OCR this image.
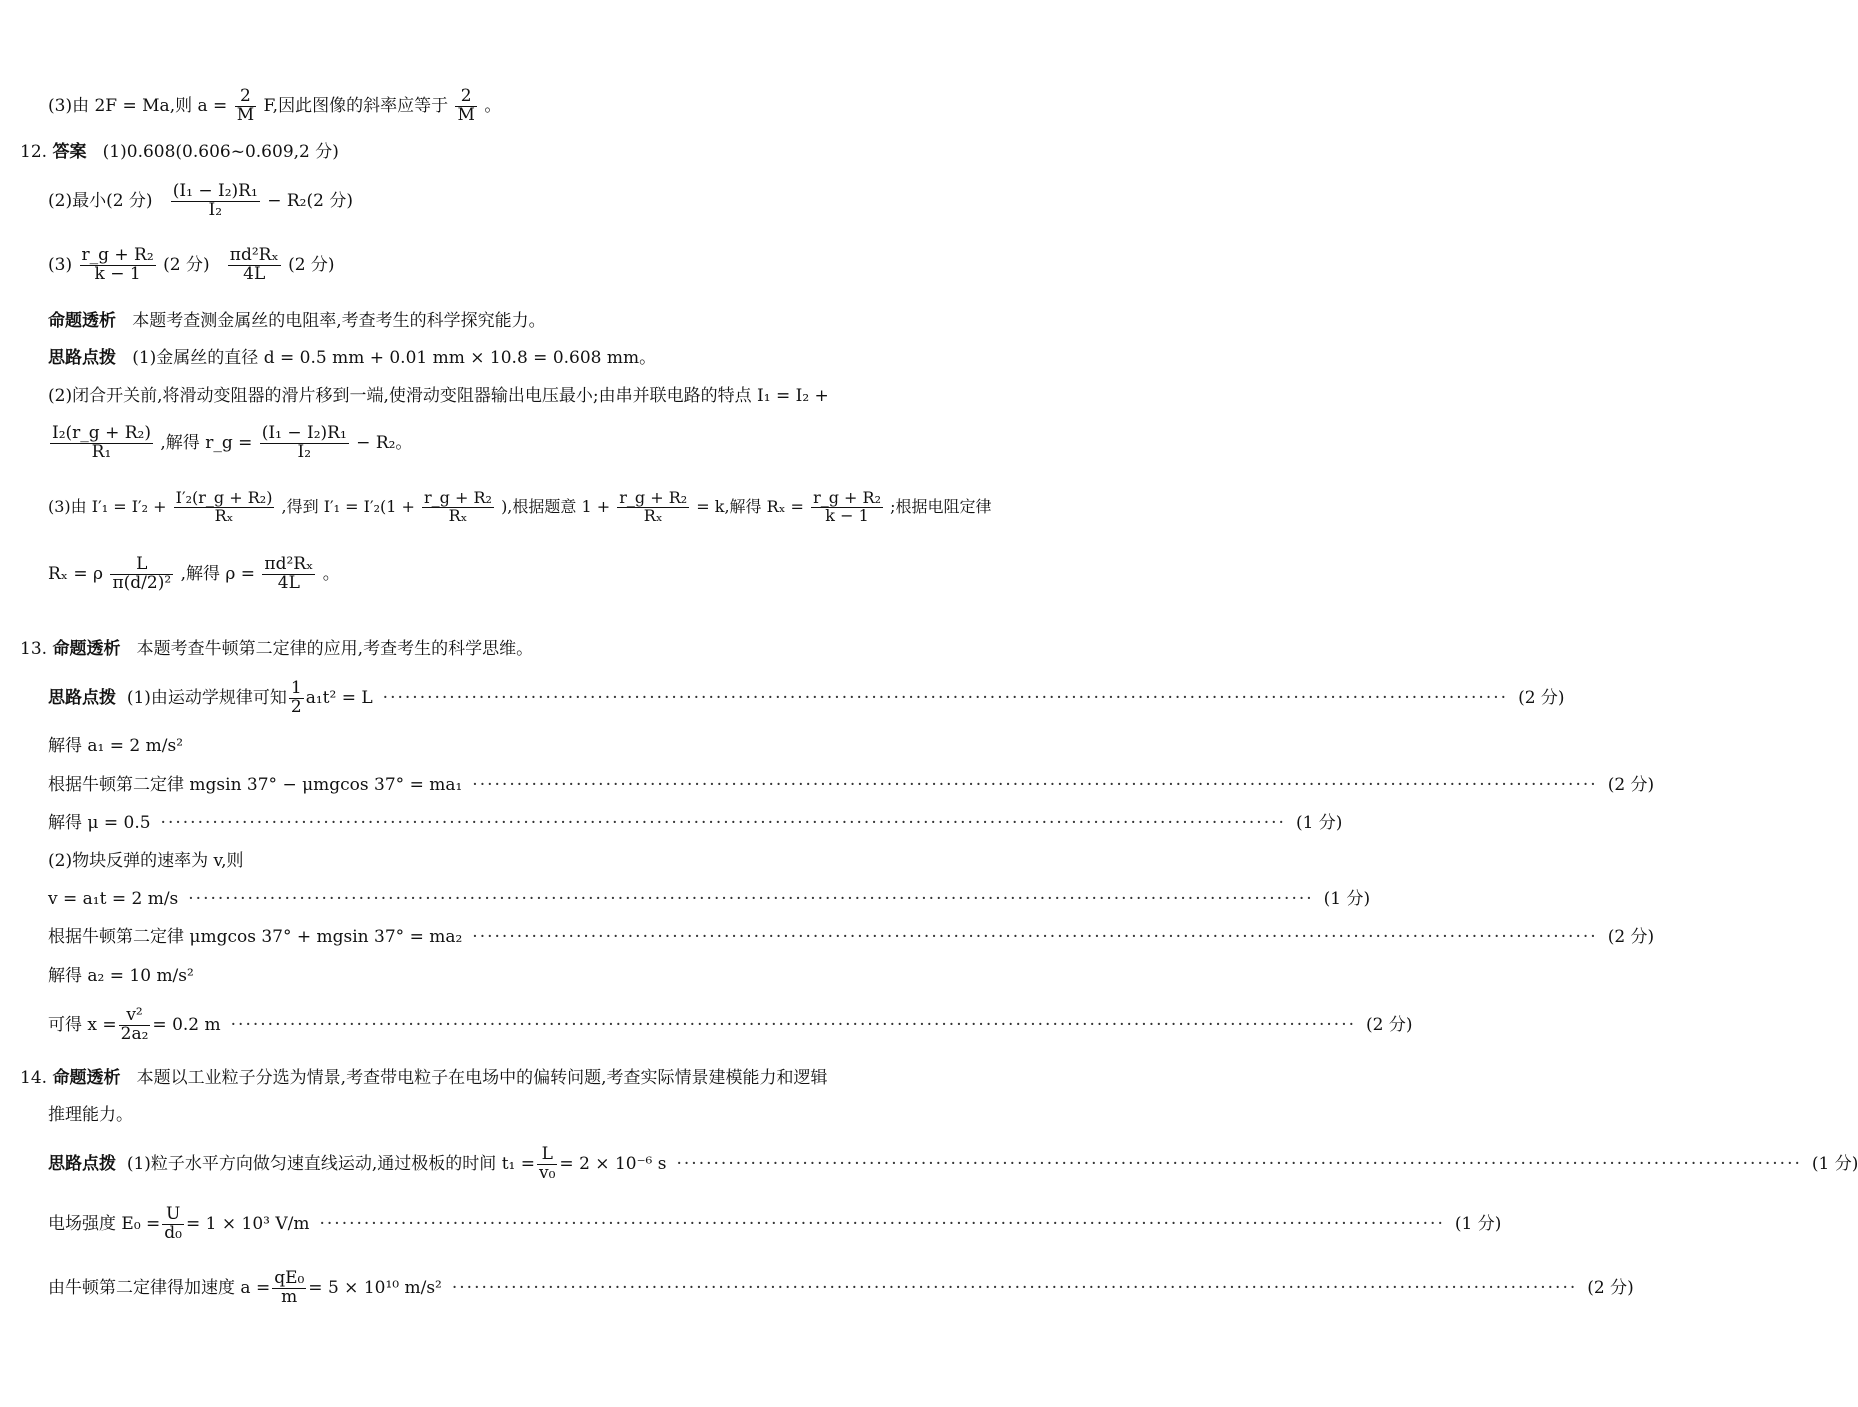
(3)由 2F = Ma,则 $a = \frac{2}{M} F$,因此图像的斜率应等于 $\frac{2}{M}$ 。
12. 答案 (1)0.608(0.606~0.609,2 分)
(2)最小(2 分) $\frac{\text{(I₁ − I₂)R₁}}{\text{I₂}} - R_2(2$ 分)
$(3) \frac{\text{r\_g + R₂}}{k - 1} (2$ 分) $\frac{\text{πd²Rₓ}}{4L} (2$ 分)
命题透析 本题考查测金属丝的电阻率,考查考生的科学探究能力。
思路点拨 (1)金属丝的直径 d = 0.5 mm + 0.01 mm × 10.8 = 0.608 mm。
(2)闭合开关前,将滑动变阻器的滑片移到一端,使滑动变阻器输出电压最小;由串并联电路的特点 I₁ = I₂ +
$\frac{\text{I₂(r\_g + R₂)}}{\text{R₁}}$ ,解得 r_g = $\frac{\text{(I₁ − I₂)R₁}}{\text{I₂}} - R_2$。
(3)由 $I'_1 = I'_2 + \frac{\text{I′₂(r\_g + R₂)}}{\text{Rₓ}}$ ,得到 $I'_1 = I'_2(1 + \frac{\text{r\_g + R₂}}{\text{Rₓ}}$ ),根据题意 $1 + \frac{\text{r\_g + R₂}}{\text{Rₓ}} = k$,解得 $R_x = \frac{\text{r\_g + R₂}}{k - 1}$ ;根据电阻定律
Rₓ = ρ $\frac{L}{\text{π(d/2)²}}$ ,解得 $\rho = \frac{\text{πd²Rₓ}}{4L}$ 。
13. 命题透析 本题考查牛顿第二定律的应用,考查考生的科学思维。
思路点拨
(1)由运动学规律可知 $\frac{1}{2} a_1t^2 = L$ ·····	(2 分)
解得 a₁ = 2 m/s²
根据牛顿第二定律 mgsin 37° − μmgcos 37° = ma₁ ·····	(2 分)
解得 μ = 0.5 ·····	(1 分)
(2)物块反弹的速率为 v,则
v = a₁t = 2 m/s ·····	(1 分)
根据牛顿第二定律 μmgcos 37° + mgsin 37° = ma₂ ·····	(2 分)
解得 a₂ = 10 m/s²
可得 $x = \frac{\text{v²}}{\text{2a₂}} = 0.2$ m ·····	(2 分)
14. 命题透析 本题以工业粒子分选为情景,考查带电粒子在电场中的偏转问题,考查实际情景建模能力和逻辑
推理能力。
思路点拨
(1)粒子水平方向做匀速直线运动,通过极板的时间 $t_1 = \frac{L}{\text{v₀}} = 2 \times 10^{-6}$ s ·····	(1 分)
电场强度 $E_0 = \frac{U}{\text{d₀}} = 1 \times 10^3$ V/m ·····	(1 分)
由牛顿第二定律得加速度 $a = \frac{\text{qE₀}}{m} = 5 \times 10^{10}$ m/s² ·····	(2 分)
